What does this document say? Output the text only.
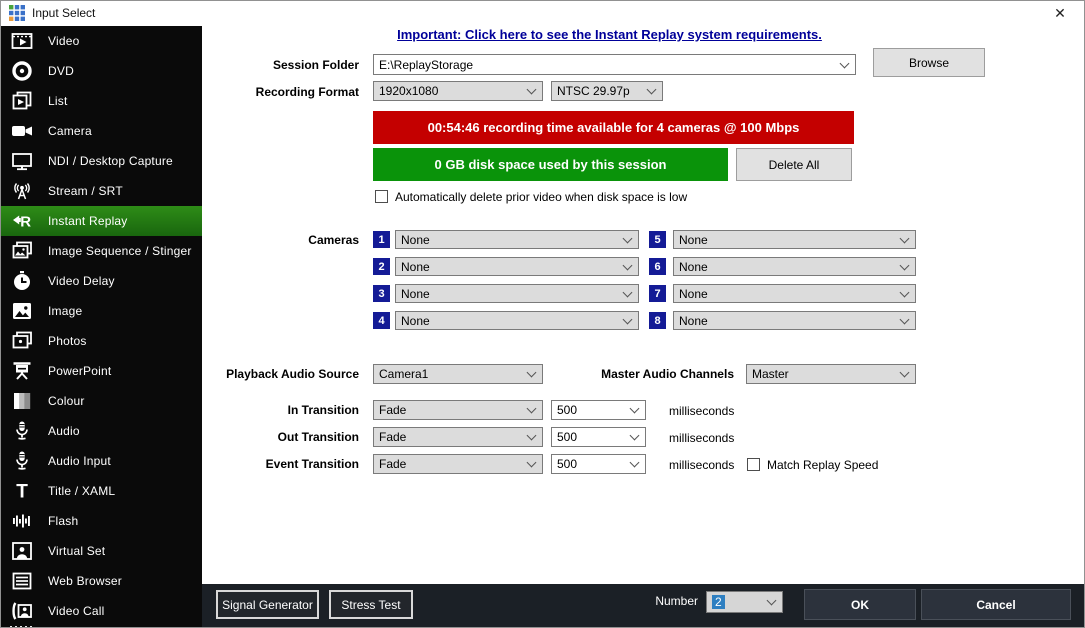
Input Select	✕
Video
DVD
List
Camera
NDI / Desktop Capture
Stream / SRT
R Instant Replay
Image Sequence / Stinger
Video Delay
Image
Photos
PowerPoint
Colour
Audio
Audio Input
T Title / XAML
Flash
Virtual Set
Web Browser
Video Call
Important: Click here to see the Instant Replay system requirements.
Session Folder E:\ReplayStorage	Browse
Recording Format 1920x1080	NTSC 29.97p
00:54:46 recording time available for 4 cameras @ 100 Mbps
0 GB disk space used by this session	Delete All
Automatically delete prior video when disk space is low
Cameras
Playback Audio Source Camera1	Master Audio Channels Master
Signal Generator	Stress Test	Number 2	OK	Cancel
1	None
2	None
3	None
4	None
5	None
6	None
7	None
8	None
In Transition Fade	500	milliseconds
Out Transition Fade	500	milliseconds
Event Transition Fade	500	milliseconds	Match Replay Speed
